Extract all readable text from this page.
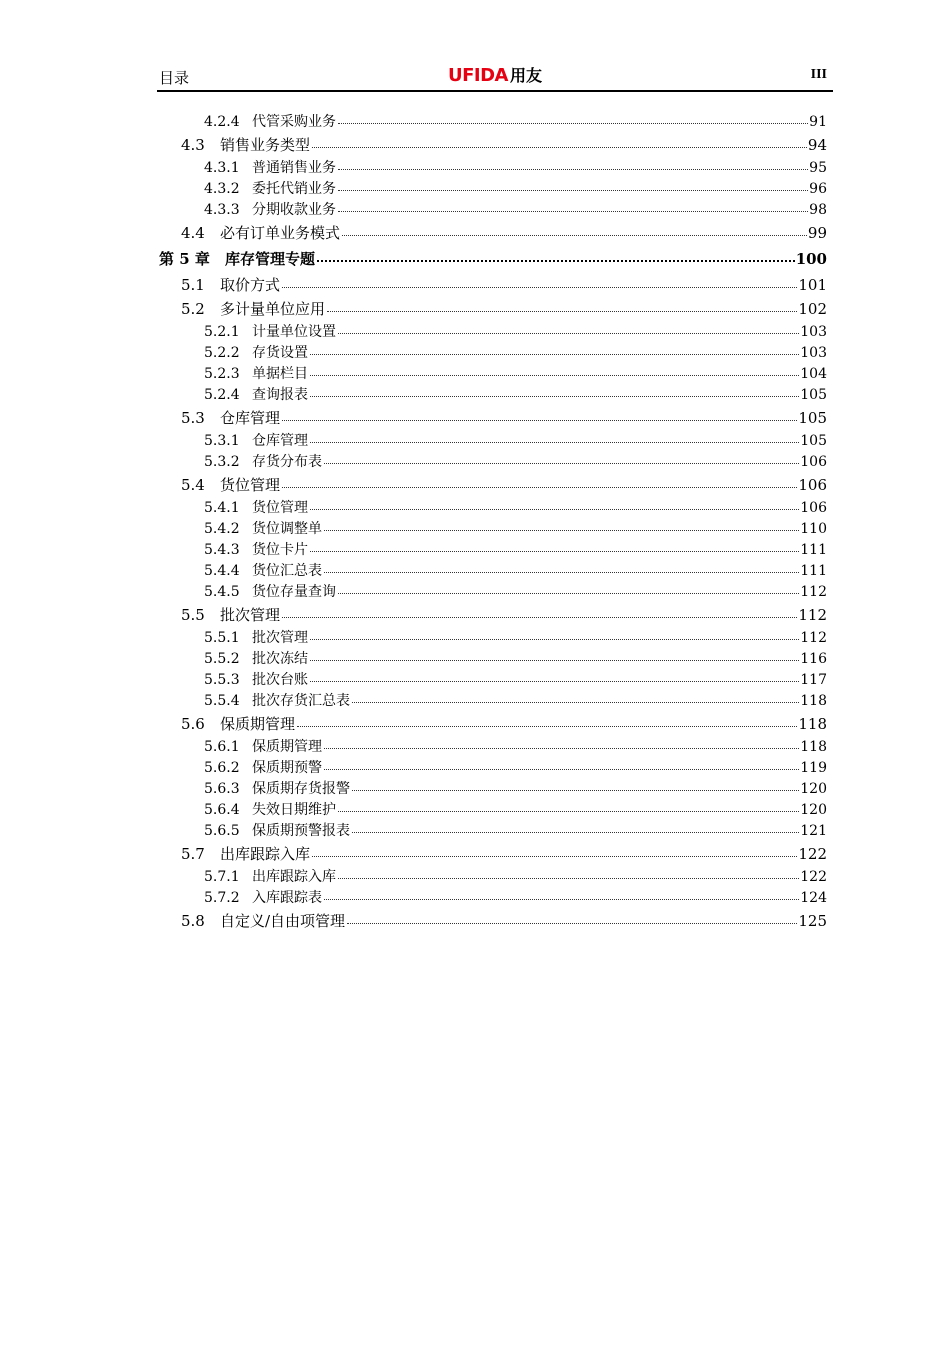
目录	UFIDA 用友	III
4.2.4 代管采购业务	91
4.3	销售业务类型	94
4.3.1 普通销售业务	95
4.3.2 委托代销业务	96
4.3.3 分期收款业务	98
4.4	必有订单业务模式	99
第 5 章	库存管理专题	100
5.1	取价方式	101
5.2	多计量单位应用	102
5.2.1 计量单位设置	103
5.2.2 存货设置	103
5.2.3 单据栏目	104
5.2.4 查询报表	105
5.3	仓库管理	105
5.3.1 仓库管理	105
5.3.2 存货分布表	106
5.4	货位管理	106
5.4.1 货位管理	106
5.4.2 货位调整单	110
5.4.3 货位卡片	111
5.4.4 货位汇总表	111
5.4.5 货位存量查询	112
5.5	批次管理	112
5.5.1 批次管理	112
5.5.2 批次冻结	116
5.5.3 批次台账	117
5.5.4 批次存货汇总表	118
5.6	保质期管理	118
5.6.1 保质期管理	118
5.6.2 保质期预警	119
5.6.3 保质期存货报警	120
5.6.4 失效日期维护	120
5.6.5 保质期预警报表	121
5.7	出库跟踪入库	122
5.7.1 出库跟踪入库	122
5.7.2 入库跟踪表	124
5.8	自定义/自由项管理	125
